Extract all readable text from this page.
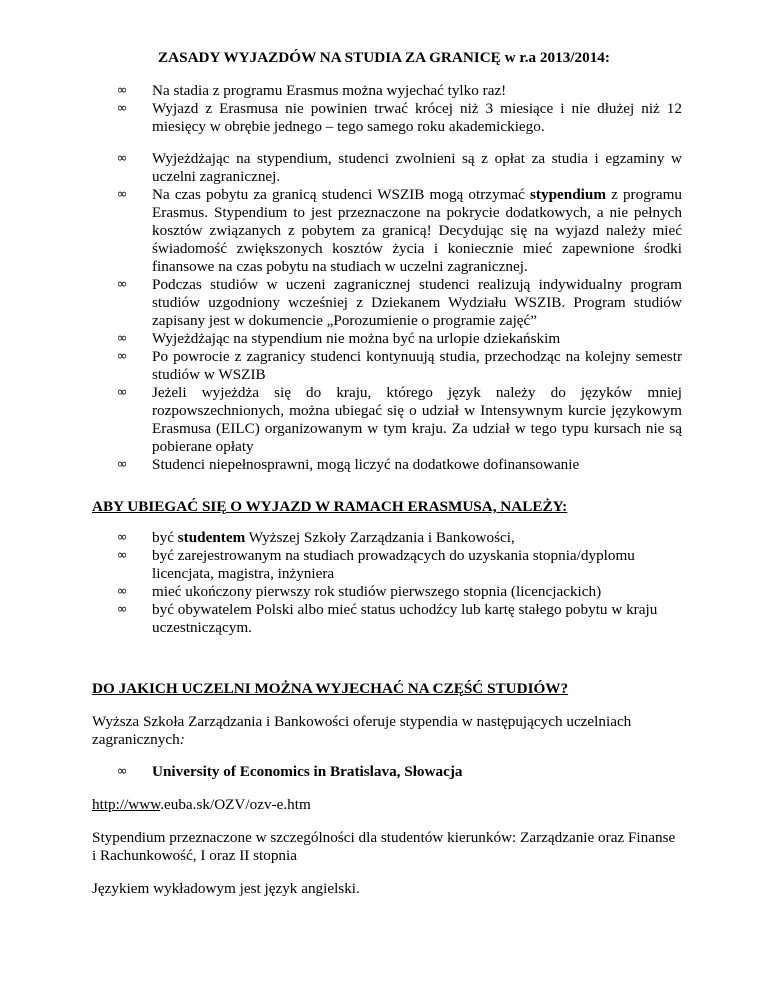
ZASADY WYJAZDÓW NA STUDIA ZA GRANICĘ w r.a 2013/2014:

∞	Na stadia z programu Erasmus można wyjechać tylko raz!
∞	Wyjazd z Erasmusa nie powinien trwać krócej niż 3 miesiące i nie dłużej niż 12 miesięcy w obrębie jednego – tego samego roku akademickiego.
∞	Wyjeżdżając na stypendium, studenci zwolnieni są z opłat za studia i egzaminy w uczelni zagranicznej.
∞	Na czas pobytu za granicą studenci WSZIB mogą otrzymać stypendium z programu Erasmus. Stypendium to jest przeznaczone na pokrycie dodatkowych, a nie pełnych kosztów związanych z pobytem za granicą! Decydując się na wyjazd należy mieć świadomość zwiększonych kosztów życia i koniecznie mieć zapewnione środki finansowe na czas pobytu na studiach w uczelni zagranicznej.
∞	Podczas studiów w uczeni zagranicznej studenci realizują indywidualny program studiów uzgodniony wcześniej z Dziekanem Wydziału WSZIB. Program studiów zapisany jest w dokumencie „Porozumienie o programie zajęć”
∞	Wyjeżdżając na stypendium nie można być na urlopie dziekańskim
∞	Po powrocie z zagranicy studenci kontynuują studia, przechodząc na kolejny semestr studiów w WSZIB
∞	Jeżeli wyjeżdża się do kraju, którego język należy do języków mniej rozpowszechnionych, można ubiegać się o udział w Intensywnym kurcie językowym Erasmusa (EILC) organizowanym w tym kraju. Za udział w tego typu kursach nie są pobierane opłaty
∞	Studenci niepełnosprawni, mogą liczyć na dodatkowe dofinansowanie

ABY UBIEGAĆ SIĘ O WYJAZD W RAMACH ERASMUSA, NALEŻY:

∞	być studentem Wyższej Szkoły Zarządzania i Bankowości,
∞	być zarejestrowanym na studiach prowadzących do uzyskania stopnia/dyplomu licencjata, magistra, inżyniera
∞	mieć ukończony pierwszy rok studiów pierwszego stopnia (licencjackich)
∞	być obywatelem Polski albo mieć status uchodźcy lub kartę stałego pobytu w kraju uczestniczącym.

DO JAKICH UCZELNI MOŻNA WYJECHAĆ NA CZĘŚĆ STUDIÓW?

Wyższa Szkoła Zarządzania i Bankowości oferuje stypendia w następujących uczelniach zagranicznych:

∞	University of Economics in Bratislava, Słowacja

http://www.euba.sk/OZV/ozv-e.htm

Stypendium przeznaczone w szczególności dla studentów kierunków: Zarządzanie oraz Finanse i Rachunkowość, I oraz II stopnia

Językiem wykładowym jest język angielski.
